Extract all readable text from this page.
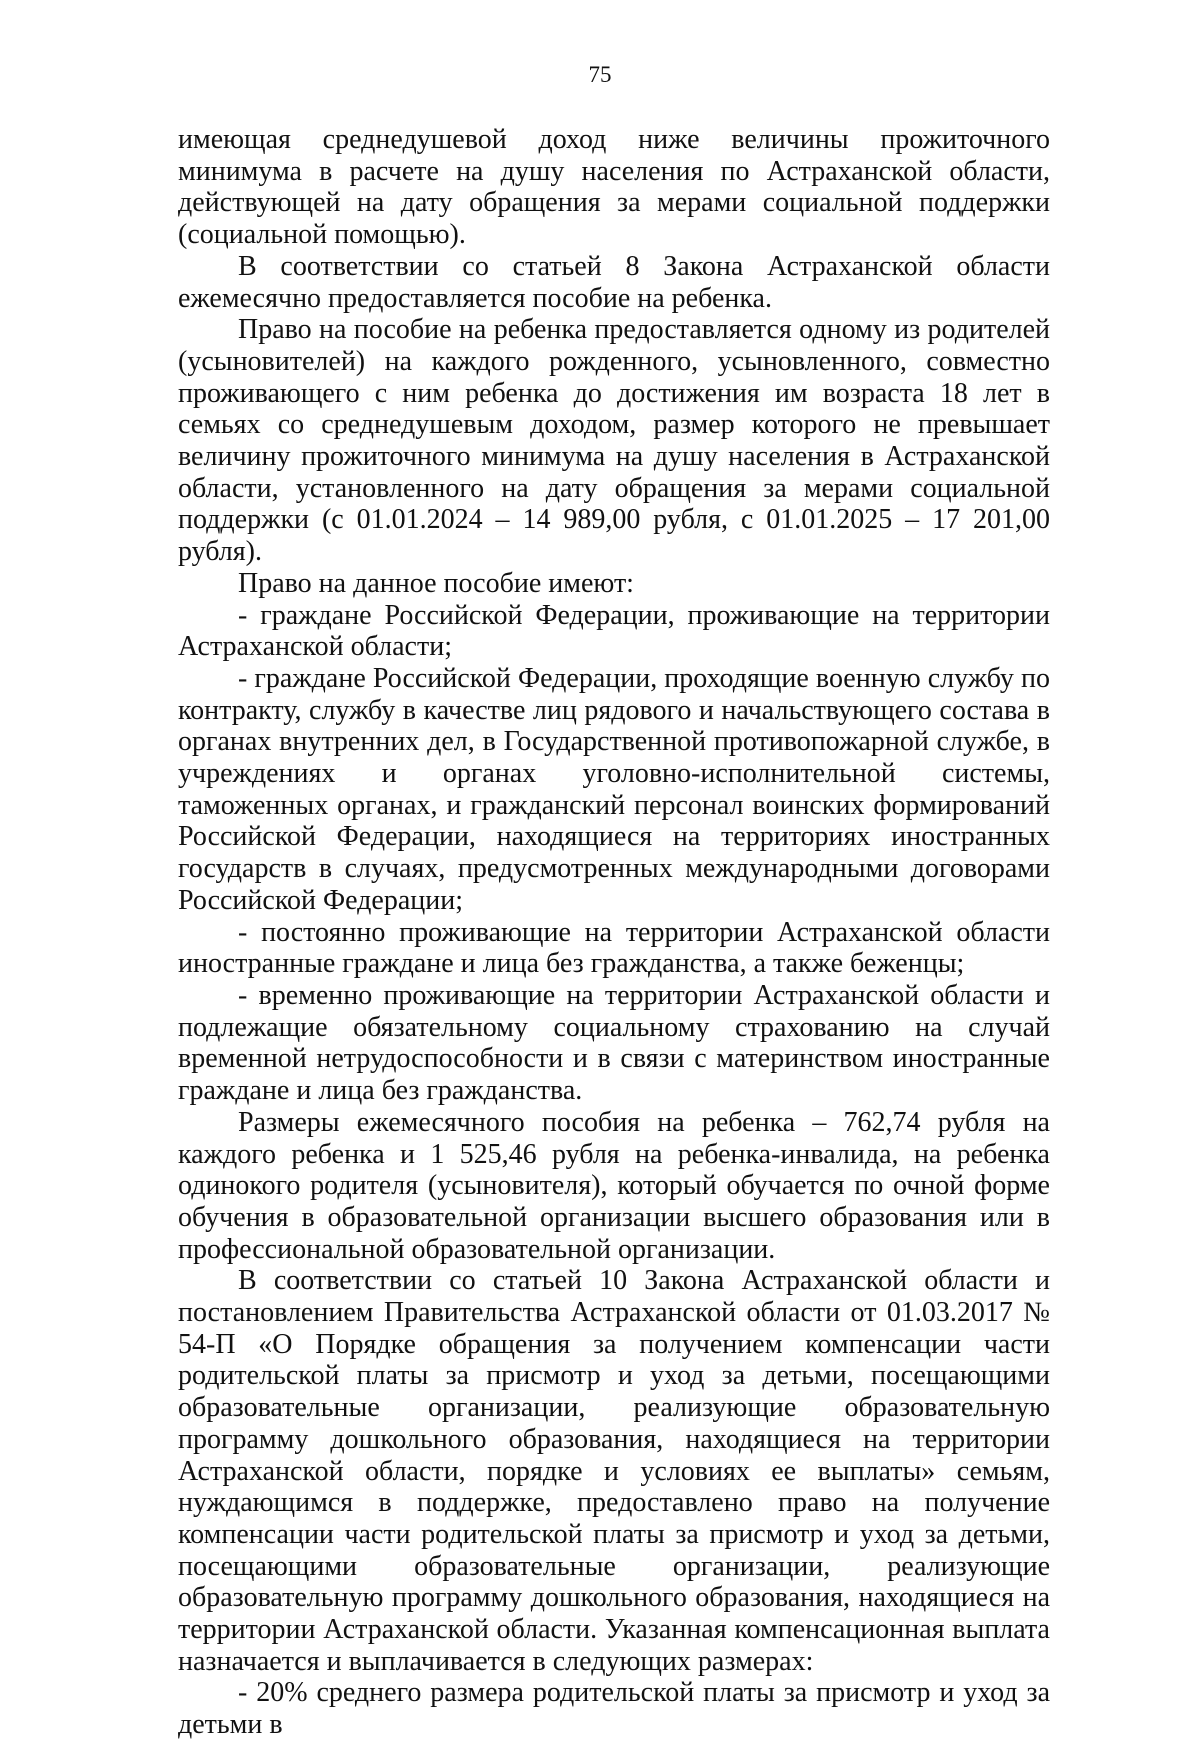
75

имеющая среднедушевой доход ниже величины прожиточного минимума в расчете на душу населения по Астраханской области, действующей на дату обращения за мерами социальной поддержки (социальной помощью).

В соответствии со статьей 8 Закона Астраханской области ежемесячно предоставляется пособие на ребенка.

Право на пособие на ребенка предоставляется одному из родителей (усыновителей) на каждого рожденного, усыновленного, совместно проживающего с ним ребенка до достижения им возраста 18 лет в семьях со среднедушевым доходом, размер которого не превышает величину прожиточного минимума на душу населения в Астраханской области, установленного на дату обращения за мерами социальной поддержки (с 01.01.2024 – 14 989,00 рубля, с 01.01.2025 – 17 201,00 рубля).

Право на данное пособие имеют:

- граждане Российской Федерации, проживающие на территории Астраханской области;

- граждане Российской Федерации, проходящие военную службу по контракту, службу в качестве лиц рядового и начальствующего состава в органах внутренних дел, в Государственной противопожарной службе, в учреждениях и органах уголовно-исполнительной системы, таможенных органах, и гражданский персонал воинских формирований Российской Федерации, находящиеся на территориях иностранных государств в случаях, предусмотренных международными договорами Российской Федерации;

- постоянно проживающие на территории Астраханской области иностранные граждане и лица без гражданства, а также беженцы;

- временно проживающие на территории Астраханской области и подлежащие обязательному социальному страхованию на случай временной нетрудоспособности и в связи с материнством иностранные граждане и лица без гражданства.

Размеры ежемесячного пособия на ребенка – 762,74 рубля на каждого ребенка и 1 525,46 рубля на ребенка-инвалида, на ребенка одинокого родителя (усыновителя), который обучается по очной форме обучения в образовательной организации высшего образования или в профессиональной образовательной организации.

В соответствии со статьей 10 Закона Астраханской области и постановлением Правительства Астраханской области от 01.03.2017 № 54-П «О Порядке обращения за получением компенсации части родительской платы за присмотр и уход за детьми, посещающими образовательные организации, реализующие образовательную программу дошкольного образования, находящиеся на территории Астраханской области, порядке и условиях ее выплаты» семьям, нуждающимся в поддержке, предоставлено право на получение компенсации части родительской платы за присмотр и уход за детьми, посещающими образовательные организации, реализующие образовательную программу дошкольного образования, находящиеся на территории Астраханской области. Указанная компенсационная выплата назначается и выплачивается в следующих размерах:

- 20% среднего размера родительской платы за присмотр и уход за детьми в
